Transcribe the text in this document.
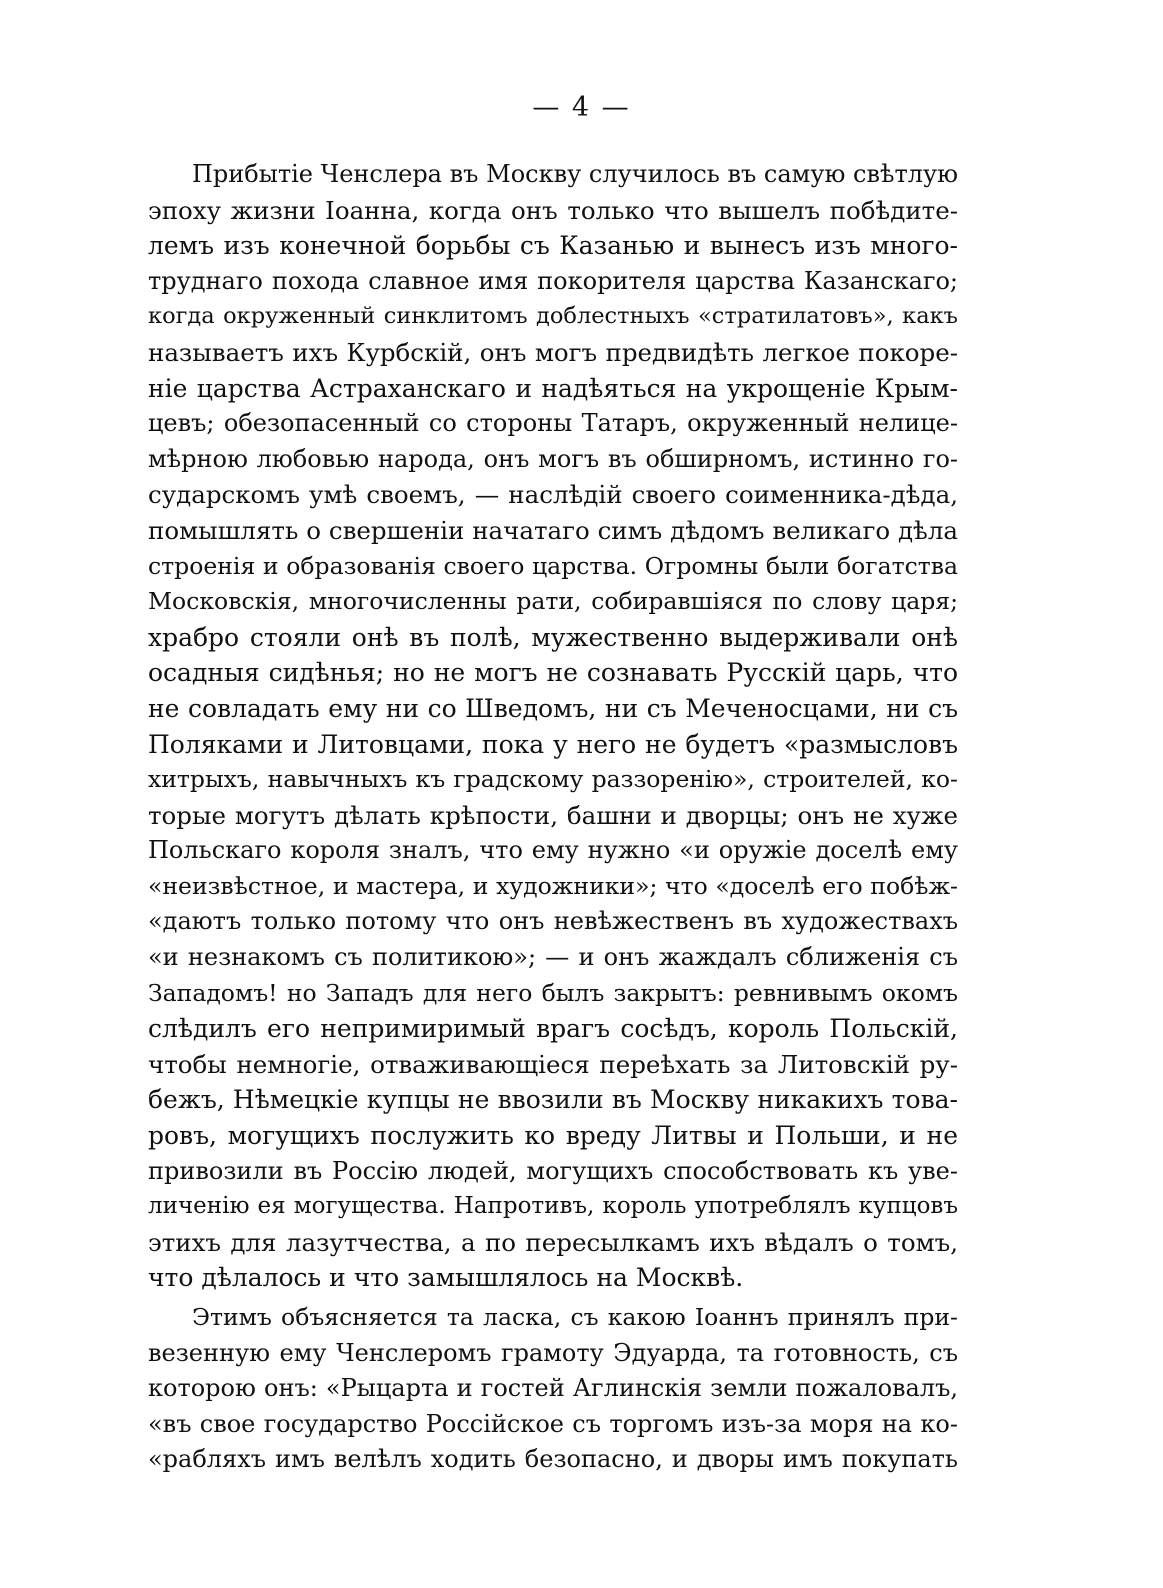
— 4 —
Прибытіе Ченслера въ Москву случилось въ самую свѣтлую
эпоху жизни Іоанна, когда онъ только что вышелъ побѣдите-
лемъ изъ конечной борьбы съ Казанью и вынесъ изъ много-
труднаго похода славное имя покорителя царства Казанскаго;
когда окруженный синклитомъ доблестныхъ «стратилатовъ», какъ
называетъ ихъ Курбскій, онъ могъ предвидѣть легкое покоре-
ніе царства Астраханскаго и надѣяться на укрощеніе Крым-
цевъ; обезопасенный со стороны Татаръ, окруженный нелице-
мѣрною любовью народа, онъ могъ въ обширномъ, истинно го-
сударскомъ умѣ своемъ, — наслѣдій своего соименника-дѣда,
помышлять о свершеніи начатаго симъ дѣдомъ великаго дѣла
строенія и образованія своего царства. Огромны были богатства
Московскія, многочисленны рати, собиравшіяся по слову царя;
храбро стояли онѣ въ полѣ, мужественно выдерживали онѣ
осадныя сидѣнья; но не могъ не сознавать Русскій царь, что
не совладать ему ни со Шведомъ, ни съ Меченосцами, ни съ
Поляками и Литовцами, пока у него не будетъ «размысловъ
хитрыхъ, навычныхъ къ градскому раззоренію», строителей, ко-
торые могутъ дѣлать крѣпости, башни и дворцы; онъ не хуже
Польскаго короля зналъ, что ему нужно «и оружіе доселѣ ему
«неизвѣстное, и мастера, и художники»; что «доселѣ его побѣж-
«даютъ только потому что онъ невѣжественъ въ художествахъ
«и незнакомъ съ политикою»; — и онъ жаждалъ сближенія съ
Западомъ! но Западъ для него былъ закрытъ: ревнивымъ окомъ
слѣдилъ его непримиримый врагъ сосѣдъ, король Польскій,
чтобы немногіе, отваживающіеся переѣхать за Литовскій ру-
бежъ, Нѣмецкіе купцы не ввозили въ Москву никакихъ това-
ровъ, могущихъ послужить ко вреду Литвы и Польши, и не
привозили въ Россію людей, могущихъ способствовать къ уве-
личенію ея могущества. Напротивъ, король употреблялъ купцовъ
этихъ для лазутчества, а по пересылкамъ ихъ вѣдалъ о томъ,
что дѣлалось и что замышлялось на Москвѣ.
Этимъ объясняется та ласка, съ какою Іоаннъ принялъ при-
везенную ему Ченслеромъ грамоту Эдуарда, та готовность, съ
которою онъ: «Рыцарта и гостей Аглинскія земли пожаловалъ,
«въ свое государство Россійское съ торгомъ изъ-за моря на ко-
«рабляхъ имъ велѣлъ ходить безопасно, и дворы имъ покупать
